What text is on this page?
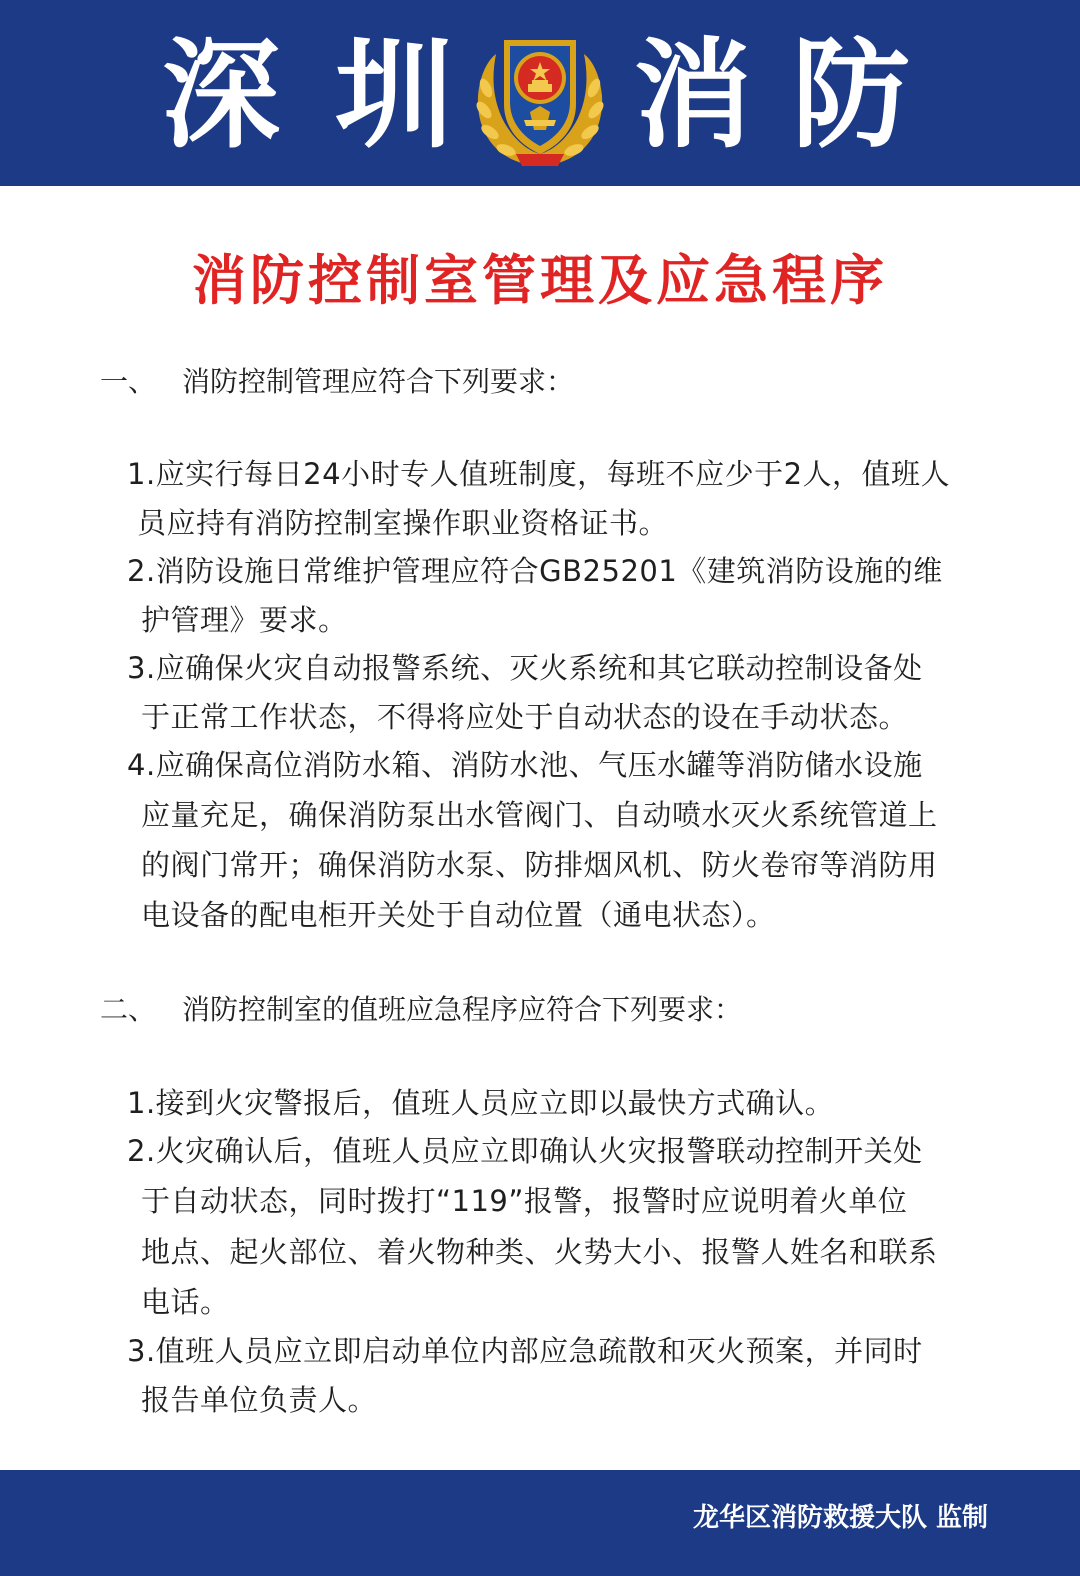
深 圳 消 防
消防控制室管理及应急程序
一、 消防控制管理应符合下列要求：
1.应实行每日24小时专人值班制度，每班不应少于2人，值班人
员应持有消防控制室操作职业资格证书。
2.消防设施日常维护管理应符合GB25201《建筑消防设施的维
护管理》要求。
3.应确保火灾自动报警系统、灭火系统和其它联动控制设备处
于正常工作状态，不得将应处于自动状态的设在手动状态。
4.应确保高位消防水箱、消防水池、气压水罐等消防储水设施
应量充足，确保消防泵出水管阀门、自动喷水灭火系统管道上
的阀门常开；确保消防水泵、防排烟风机、防火卷帘等消防用
电设备的配电柜开关处于自动位置（通电状态）。
二、 消防控制室的值班应急程序应符合下列要求：
1.接到火灾警报后，值班人员应立即以最快方式确认。
2.火灾确认后，值班人员应立即确认火灾报警联动控制开关处
于自动状态，同时拨打“119”报警，报警时应说明着火单位
地点、起火部位、着火物种类、火势大小、报警人姓名和联系
电话。
3.值班人员应立即启动单位内部应急疏散和灭火预案，并同时
报告单位负责人。
龙华区消防救援大队 监制
